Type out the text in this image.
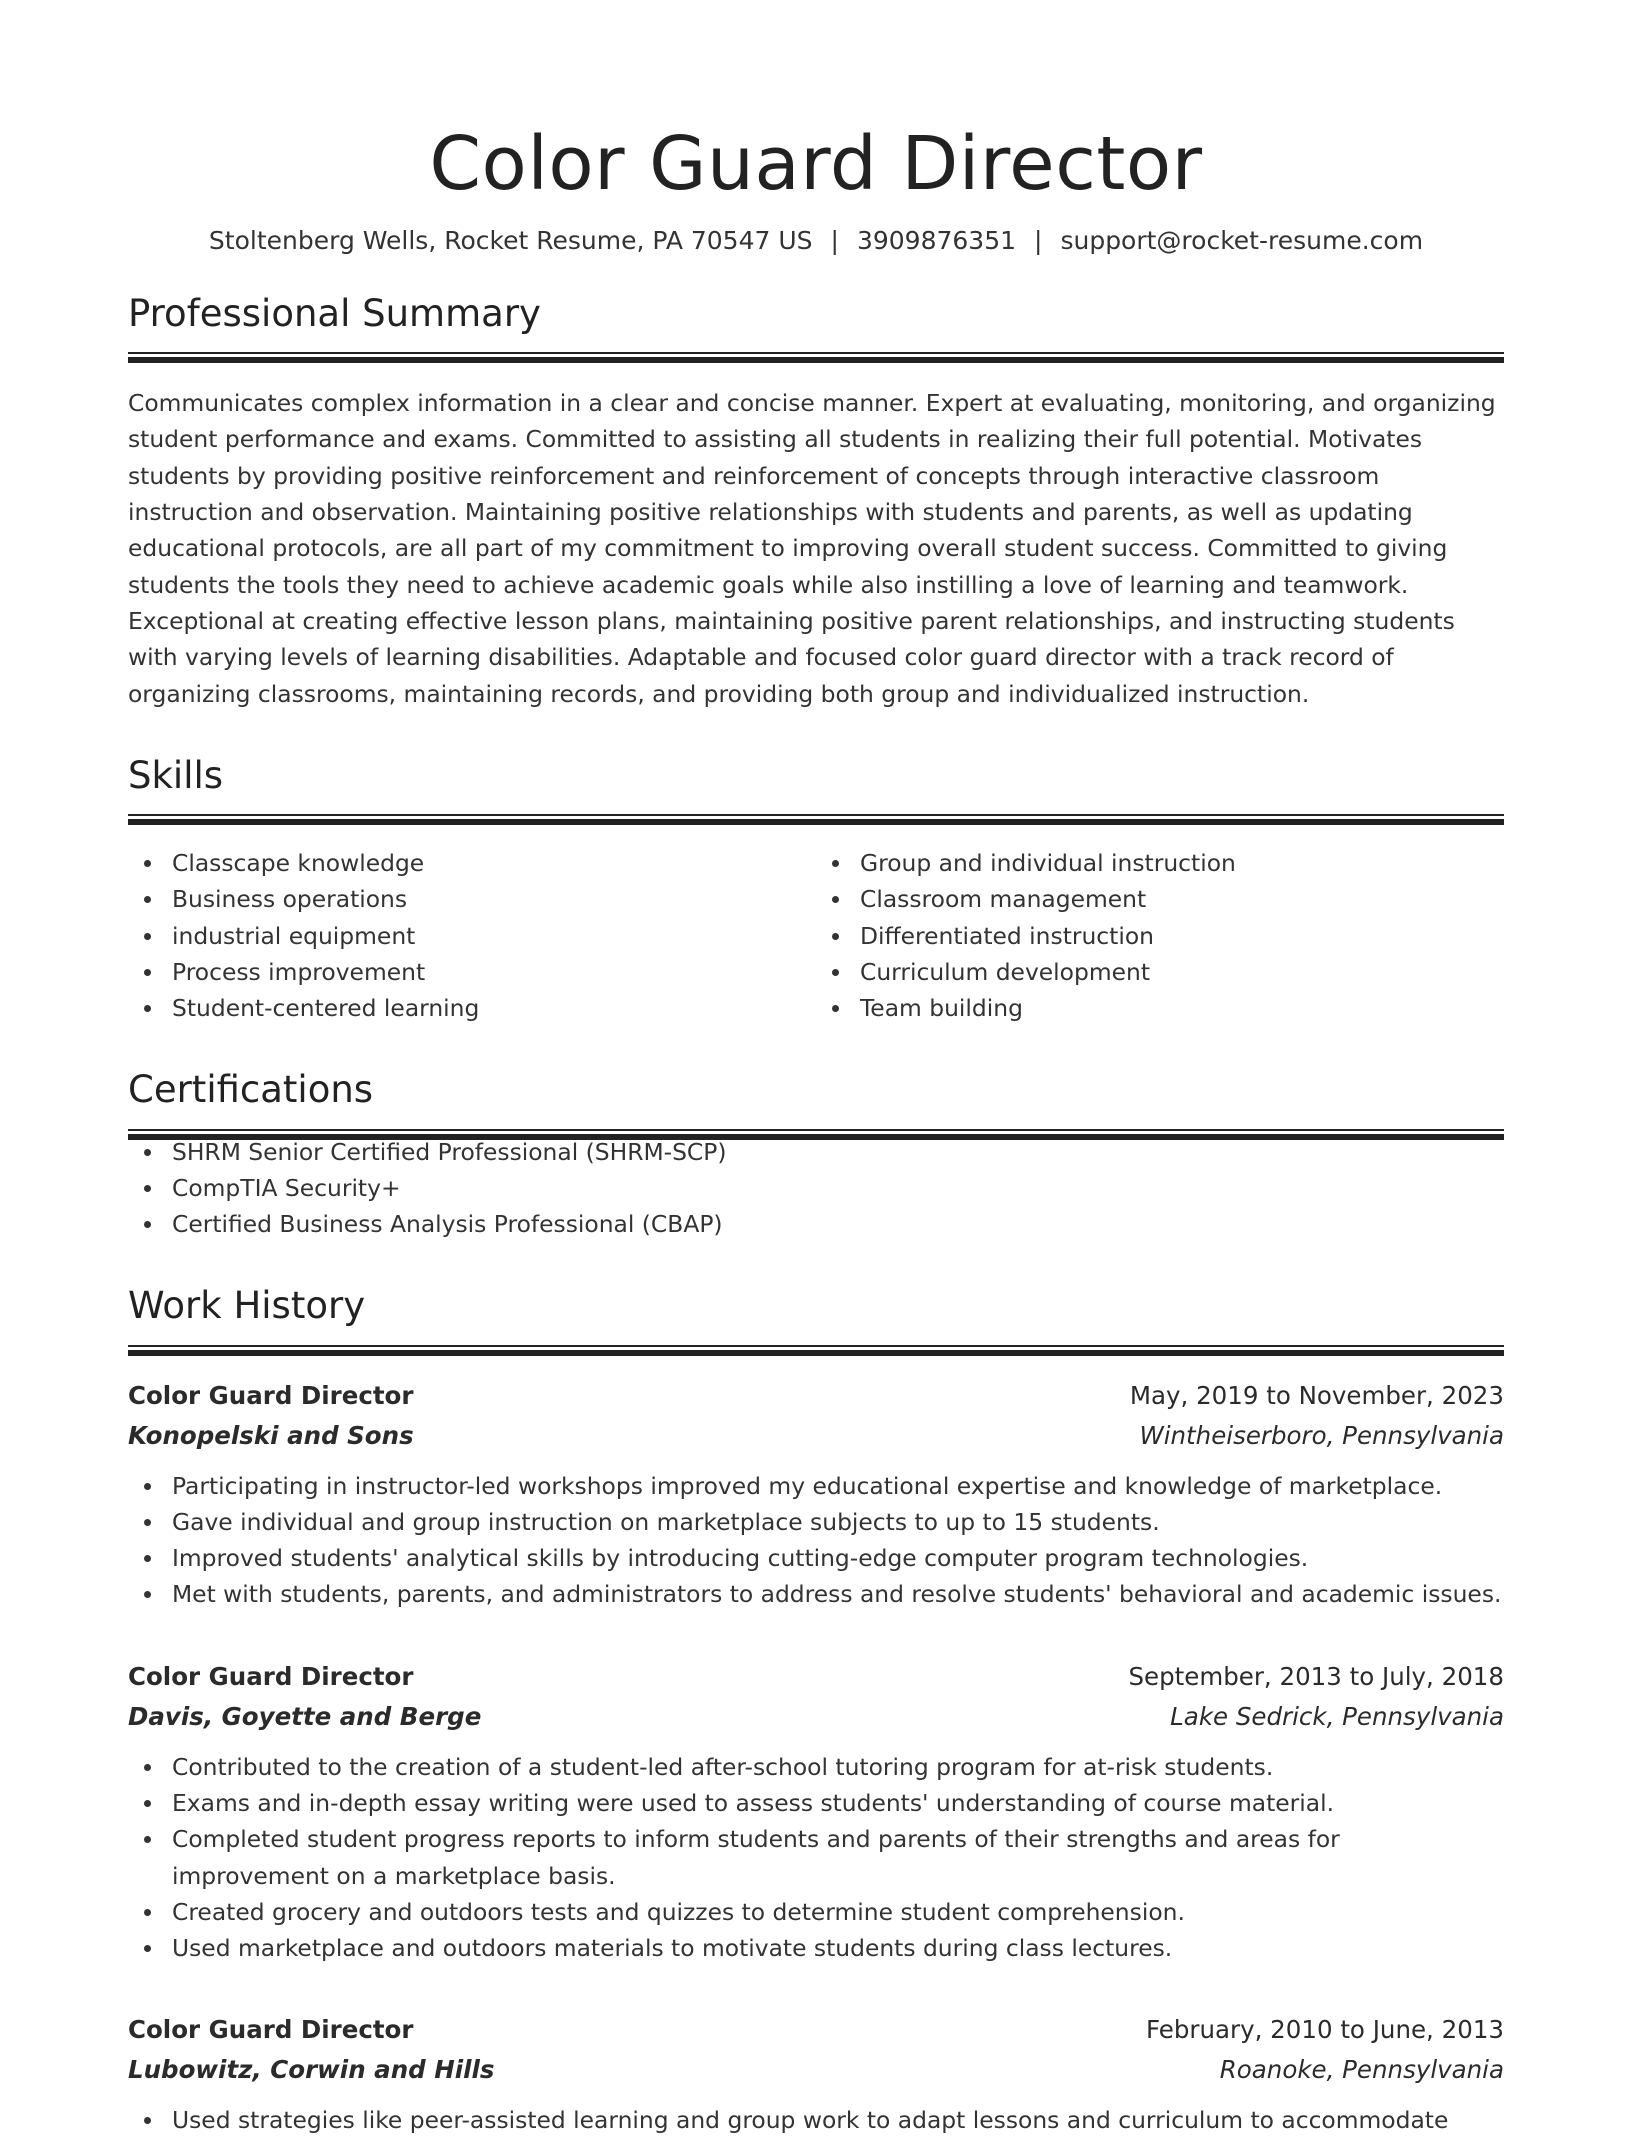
Color Guard Director
Stoltenberg Wells, Rocket Resume, PA 70547 US | 3909876351 | support@rocket-resume.com
Professional Summary

Communicates complex information in a clear and concise manner. Expert at evaluating, monitoring, and organizing student performance and exams. Committed to assisting all students in realizing their full potential. Motivates students by providing positive reinforcement and reinforcement of concepts through interactive classroom instruction and observation. Maintaining positive relationships with students and parents, as well as updating educational protocols, are all part of my commitment to improving overall student success. Committed to giving students the tools they need to achieve academic goals while also instilling a love of learning and teamwork. Exceptional at creating effective lesson plans, maintaining positive parent relationships, and instructing students with varying levels of learning disabilities. Adaptable and focused color guard director with a track record of organizing classrooms, maintaining records, and providing both group and individualized instruction.

Skills
Classcape knowledge
Business operations
industrial equipment
Process improvement
Student-centered learning
Group and individual instruction
Classroom management
Differentiated instruction
Curriculum development
Team building
Certifications
SHRM Senior Certified Professional (SHRM-SCP)
CompTIA Security+
Certified Business Analysis Professional (CBAP)
Work History
Color Guard Director	May, 2019 to November, 2023
Konopelski and Sons	Wintheiserboro, Pennsylvania
Participating in instructor-led workshops improved my educational expertise and knowledge of marketplace.
Gave individual and group instruction on marketplace subjects to up to 15 students.
Improved students' analytical skills by introducing cutting-edge computer program technologies.
Met with students, parents, and administrators to address and resolve students' behavioral and academic issues.
Color Guard Director	September, 2013 to July, 2018
Davis, Goyette and Berge	Lake Sedrick, Pennsylvania
Contributed to the creation of a student-led after-school tutoring program for at-risk students.
Exams and in-depth essay writing were used to assess students' understanding of course material.
Completed student progress reports to inform students and parents of their strengths and areas for improvement on a marketplace basis.
Created grocery and outdoors tests and quizzes to determine student comprehension.
Used marketplace and outdoors materials to motivate students during class lectures.
Color Guard Director	February, 2010 to June, 2013
Lubowitz, Corwin and Hills	Roanoke, Pennsylvania
Used strategies like peer-assisted learning and group work to adapt lessons and curriculum to accommodate
